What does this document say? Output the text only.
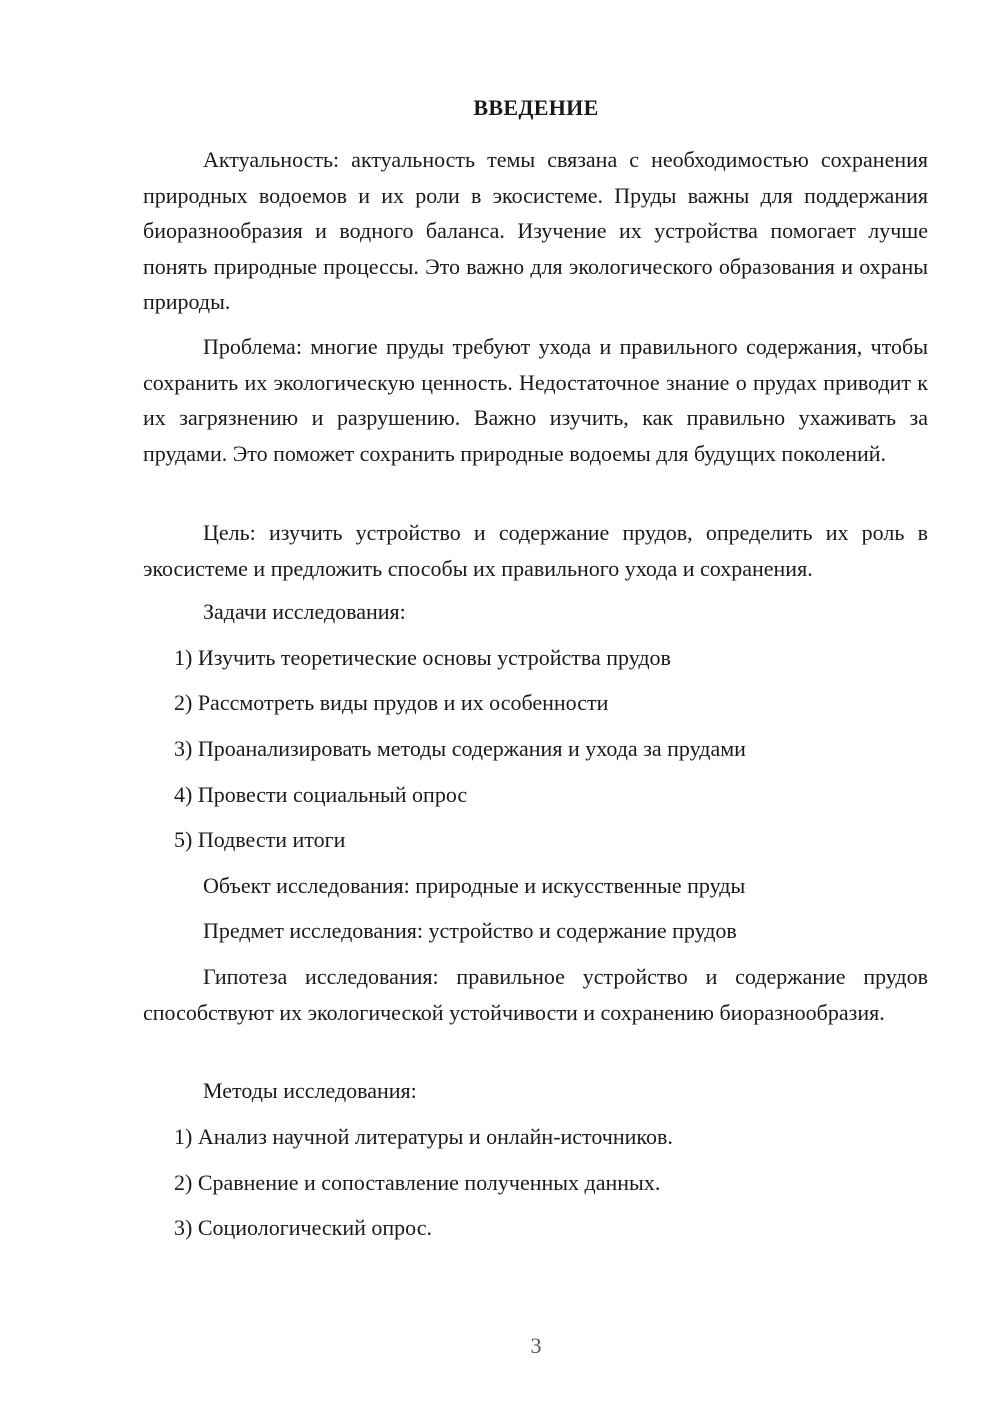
ВВЕДЕНИЕ

Актуальность: актуальность темы связана с необходимостью сохранения природных водоемов и их роли в экосистеме. Пруды важны для поддержания биоразнообразия и водного баланса. Изучение их устройства помогает лучше понять природные процессы. Это важно для экологического образования и охраны природы.

Проблема: многие пруды требуют ухода и правильного содержания, чтобы сохранить их экологическую ценность. Недостаточное знание о прудах приводит к их загрязнению и разрушению. Важно изучить, как правильно ухаживать за прудами. Это поможет сохранить природные водоемы для будущих поколений.

Цель: изучить устройство и содержание прудов, определить их роль в экосистеме и предложить способы их правильного ухода и сохранения.

Задачи исследования:

1) Изучить теоретические основы устройства прудов

2) Рассмотреть виды прудов и их особенности

3) Проанализировать методы содержания и ухода за прудами

4) Провести социальный опрос

5) Подвести итоги

Объект исследования: природные и искусственные пруды

Предмет исследования: устройство и содержание прудов

Гипотеза исследования: правильное устройство и содержание прудов способствуют их экологической устойчивости и сохранению биоразнообразия.

Методы исследования:

1) Анализ научной литературы и онлайн-источников.

2) Сравнение и сопоставление полученных данных.

3) Социологический опрос.

3
